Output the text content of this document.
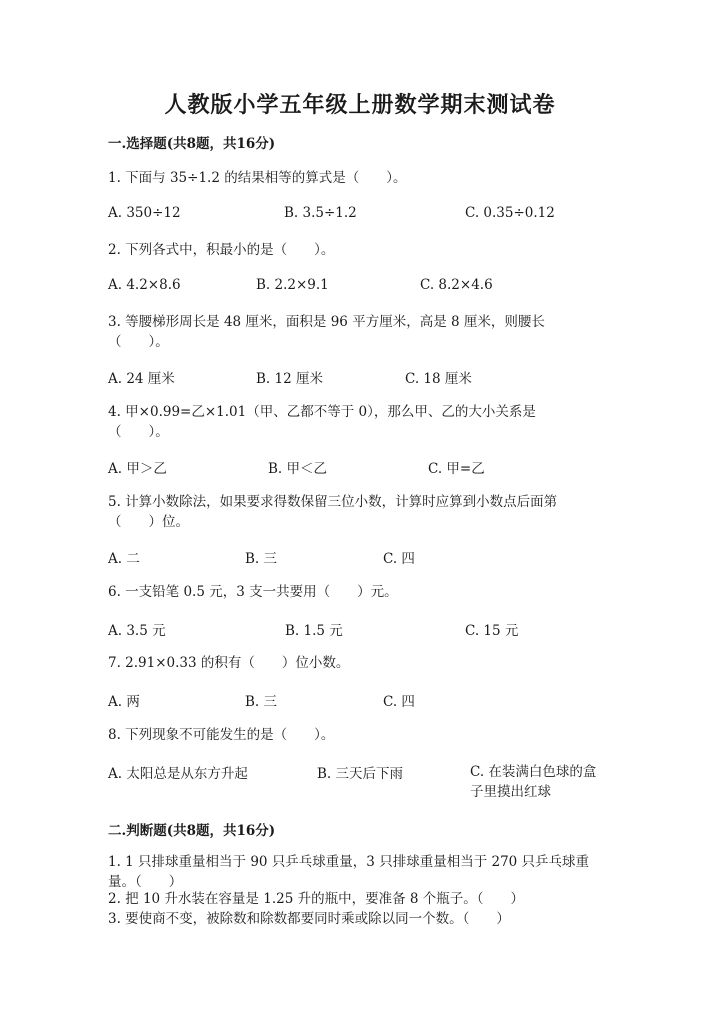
人教版小学五年级上册数学期末测试卷
一.选择题(共8题，共16分)
1. 下面与 35÷1.2 的结果相等的算式是（　　）。
A. 350÷12	B. 3.5÷1.2	C. 0.35÷0.12
2. 下列各式中，积最小的是（　　）。
A. 4.2×8.6	B. 2.2×9.1	C. 8.2×4.6
3. 等腰梯形周长是 48 厘米，面积是 96 平方厘米，高是 8 厘米，则腰长（　　）。
A. 24 厘米	B. 12 厘米	C. 18 厘米
4. 甲×0.99=乙×1.01（甲、乙都不等于 0），那么甲、乙的大小关系是（　　）。
A. 甲＞乙	B. 甲＜乙	C. 甲=乙
5. 计算小数除法，如果要求得数保留三位小数，计算时应算到小数点后面第（　　）位。
A. 二	B. 三	C. 四
6. 一支铅笔 0.5 元，3 支一共要用（　　）元。
A. 3.5 元	B. 1.5 元	C. 15 元
7. 2.91×0.33 的积有（　　）位小数。
A. 两	B. 三	C. 四
8. 下列现象不可能发生的是（　　）。
A. 太阳总是从东方升起	B. 三天后下雨	C. 在装满白色球的盒子里摸出红球
二.判断题(共8题，共16分)
1. 1 只排球重量相当于 90 只乒乓球重量，3 只排球重量相当于 270 只乒乓球重量。（　　）
2. 把 10 升水装在容量是 1.25 升的瓶中，要准备 8 个瓶子。（　　）
3. 要使商不变，被除数和除数都要同时乘或除以同一个数。（　　）
